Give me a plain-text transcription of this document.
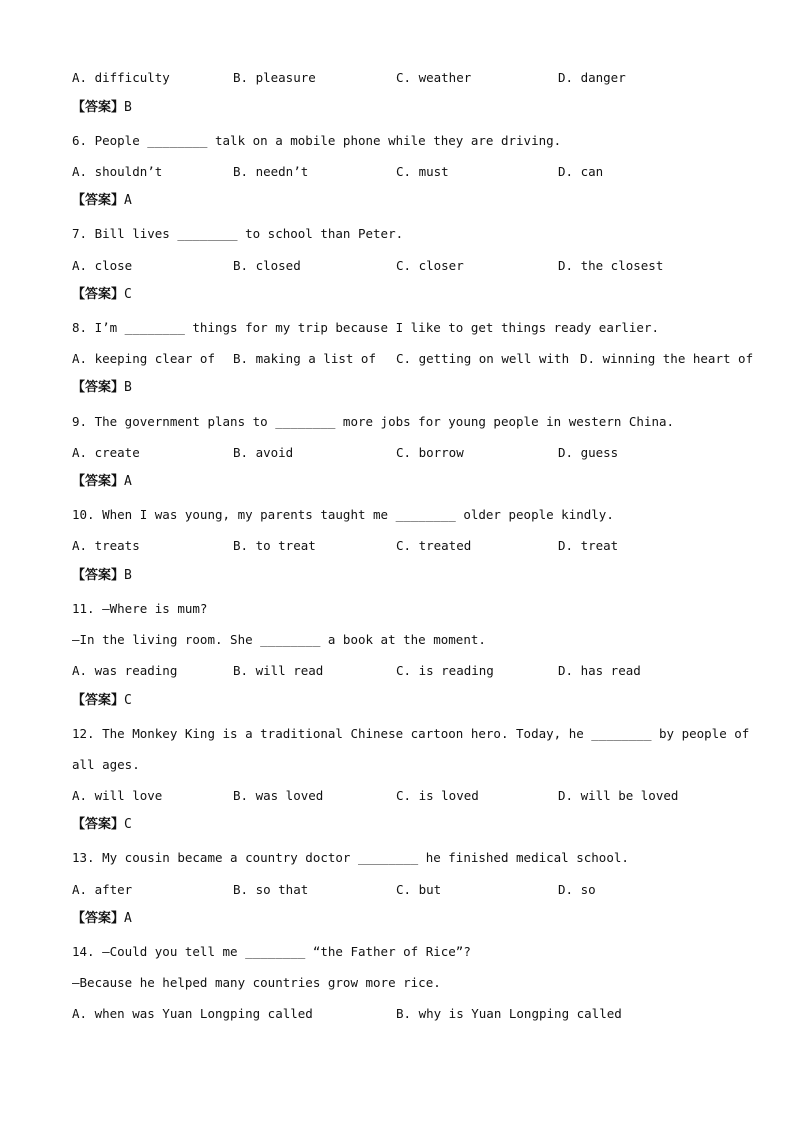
A. difficulty	B. pleasure	C. weather	D. danger
【答案】B
6. People ________ talk on a mobile phone while they are driving.
A. shouldn’t	B. needn’t	C. must	D. can
【答案】A
7. Bill lives ________ to school than Peter.
A. close	B. closed	C. closer	D. the closest
【答案】C
8. I’m ________ things for my trip because I like to get things ready earlier.
A. keeping clear of B. making a list of C. getting on well with D. winning the heart of
【答案】B
9. The government plans to ________ more jobs for young people in western China.
A. create	B. avoid	C. borrow	D. guess
【答案】A
10. When I was young, my parents taught me ________ older people kindly.
A. treats	B. to treat	C. treated	D. treat
【答案】B
11. —Where is mum?
—In the living room. She ________ a book at the moment.
A. was reading	B. will read	C. is reading	D. has read
【答案】C
12. The Monkey King is a traditional Chinese cartoon hero. Today, he ________ by people of
all ages.
A. will love	B. was loved	C. is loved	D. will be loved
【答案】C
13. My cousin became a country doctor ________ he finished medical school.
A. after	B. so that	C. but	D. so
【答案】A
14. —Could you tell me ________ “the Father of Rice”?
—Because he helped many countries grow more rice.
A. when was Yuan Longping called	B. why is Yuan Longping called
